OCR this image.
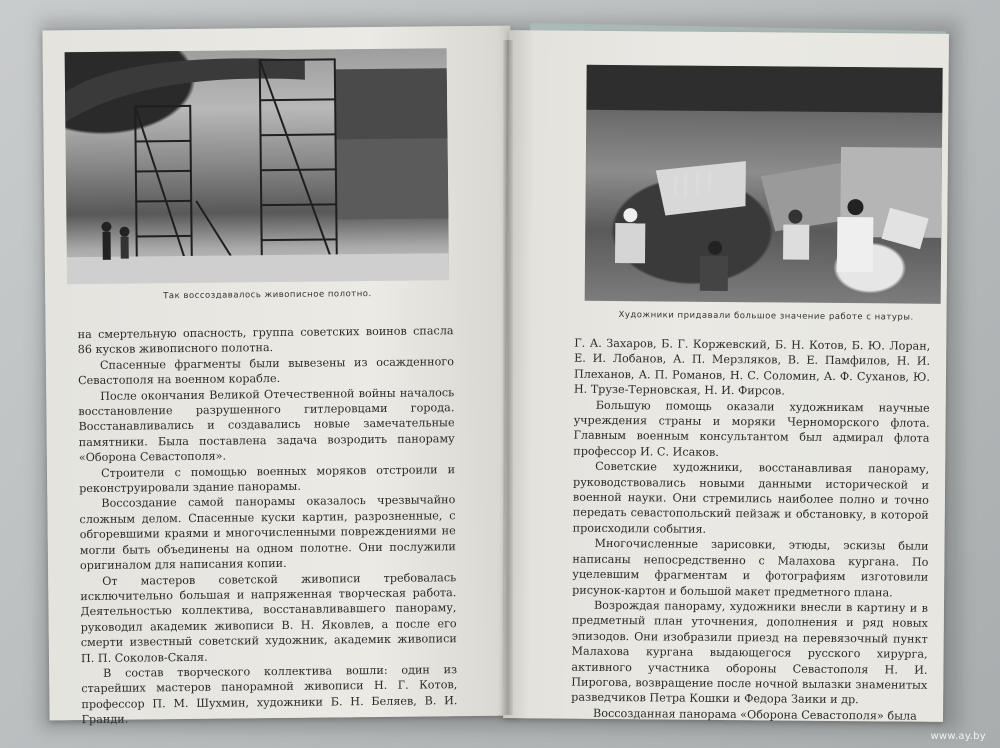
Так воссоздавалось живописное полотно.

на смертельную опасность, группа советских воинов спасла 86 кусков живописного полотна.

Спасенные фрагменты были вывезены из осажденного Севастополя на военном корабле.

После окончания Великой Отечественной войны началось восстановление разрушенного гитлеровцами города. Восстанавливались и создавались новые замечательные памятники. Была поставлена задача возродить панораму «Оборона Севастополя».

Строители с помощью военных моряков отстроили и реконструировали здание панорамы.

Воссоздание самой панорамы оказалось чрезвычайно сложным делом. Спасенные куски картин, разрозненные, с обгоревшими краями и многочисленными повреждениями не могли быть объединены на одном полотне. Они послужили оригиналом для написания копии.

От мастеров советской живописи требовалась исключительно большая и напряженная творческая работа. Деятельностью коллектива, восстанавливавшего панораму, руководил академик живописи В. Н. Яковлев, а после его смерти известный советский художник, академик живописи П. П. Соколов-Скаля.

В состав творческого коллектива вошли: один из старейших мастеров панорамной живописи Н. Г. Котов, профессор П. М. Шухмин, художники Б. Н. Беляев, В. И. Гранди.

Художники придавали большое значение работе с натуры.

Г. А. Захаров, Б. Г. Коржевский, Б. Н. Котов, Б. Ю. Лоран, Е. И. Лобанов, А. П. Мерзляков, В. Е. Памфилов, Н. И. Плеханов, А. П. Романов, Н. С. Соломин, А. Ф. Суханов, Ю. Н. Трузе-Терновская, Н. И. Фирсов.

Большую помощь оказали художникам научные учреждения страны и моряки Черноморского флота. Главным военным консультантом был адмирал флота профессор И. С. Исаков.

Советские художники, восстанавливая панораму, руководствовались новыми данными исторической и военной науки. Они стремились наиболее полно и точно передать севастопольский пейзаж и обстановку, в которой происходили события.

Многочисленные зарисовки, этюды, эскизы были написаны непосредственно с Малахова кургана. По уцелевшим фрагментам и фотографиям изготовили рисунок-картон и большой макет предметного плана.

Возрождая панораму, художники внесли в картину и в предметный план уточнения, дополнения и ряд новых эпизодов. Они изобразили приезд на перевязочный пункт Малахова кургана выдающегося русского хирурга, активного участника обороны Севастополя Н. И. Пирогова, возвращение после ночной вылазки знаменитых разведчиков Петра Кошки и Федора Заики и др.

Воссозданная панорама «Оборона Севастополя» была

www.ay.by
